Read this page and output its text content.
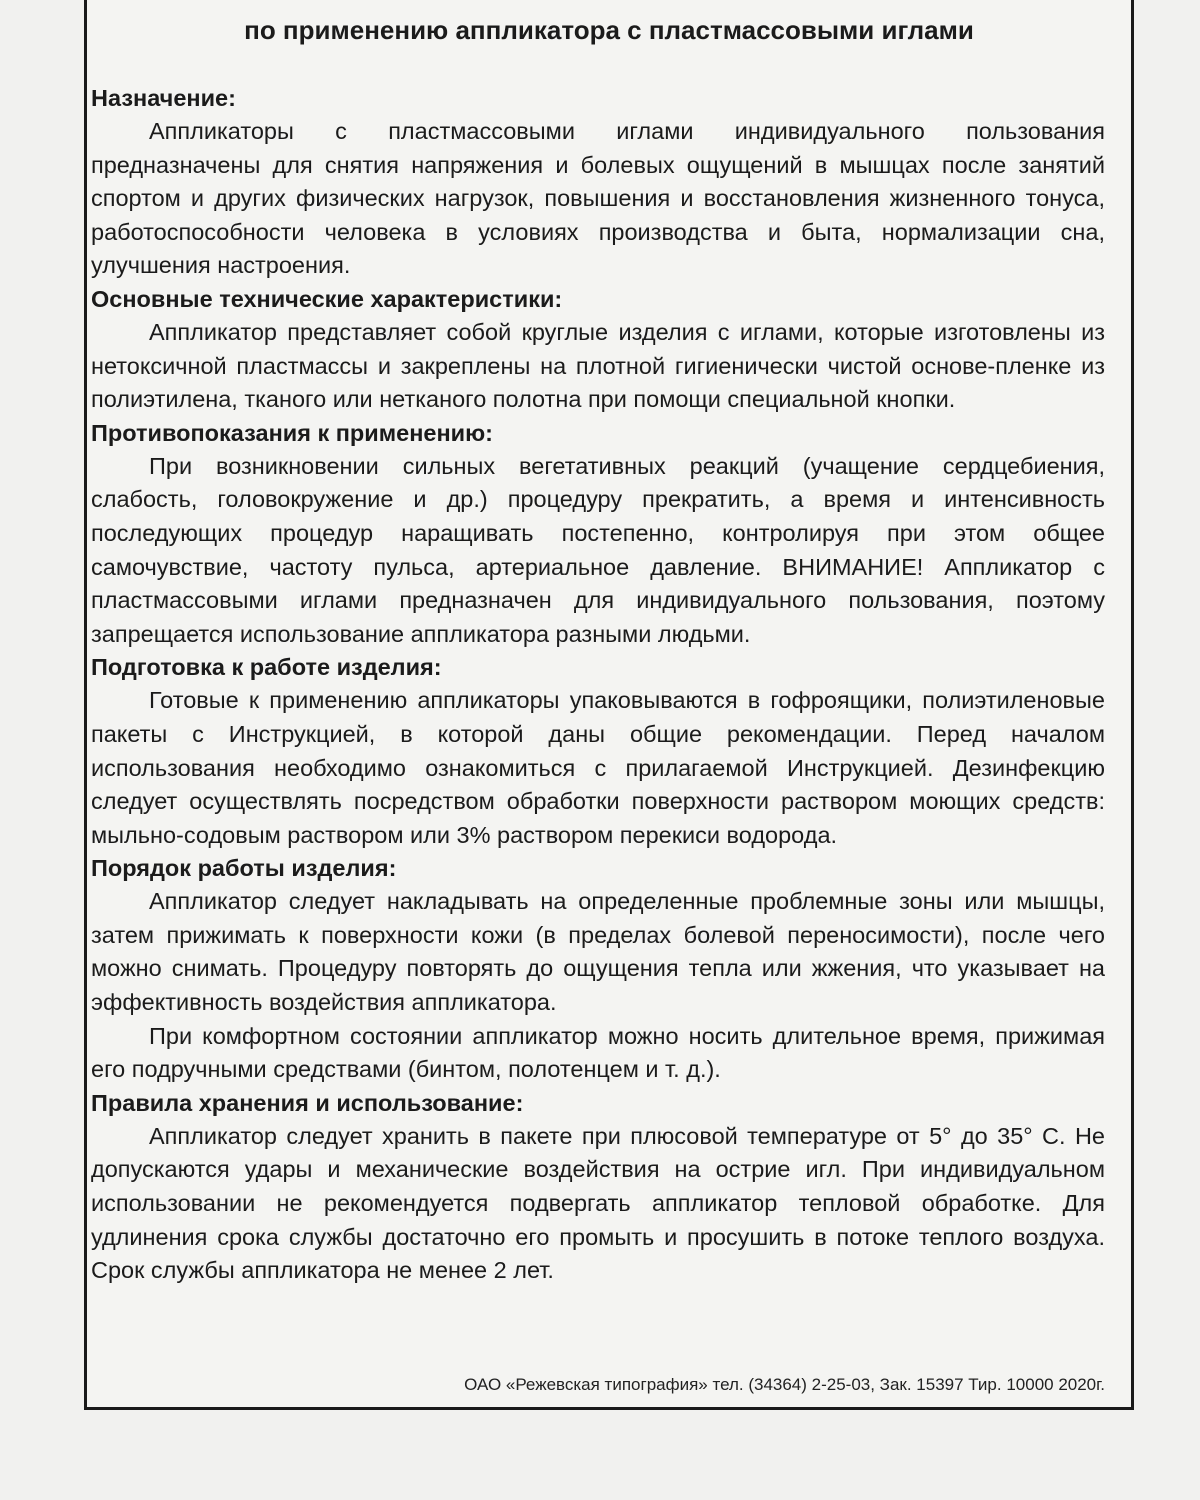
по применению аппликатора с пластмассовыми иглами

Назначение:

Аппликаторы с пластмассовыми иглами индивидуального пользования предназначены для снятия напряжения и болевых ощущений в мышцах после занятий спортом и других физических нагрузок, повышения и восстановления жизненного тонуса, работоспособности человека в условиях производства и быта, нормализации сна, улучшения настроения.

Основные технические характеристики:

Аппликатор представляет собой круглые изделия с иглами, которые изготовлены из нетоксичной пластмассы и закреплены на плотной гигиенически чистой основе-пленке из полиэтилена, тканого или нетканого полотна при помощи специальной кнопки.

Противопоказания к применению:

При возникновении сильных вегетативных реакций (учащение сердцебиения, слабость, головокружение и др.) процедуру прекратить, а время и интенсивность последующих процедур наращивать постепенно, контролируя при этом общее самочувствие, частоту пульса, артериальное давление. ВНИМАНИЕ! Аппликатор с пластмассовыми иглами предназначен для индивидуального пользования, поэтому запрещается использование аппликатора разными людьми.

Подготовка к работе изделия:

Готовые к применению аппликаторы упаковываются в гофроящики, полиэтиленовые пакеты с Инструкцией, в которой даны общие рекомендации. Перед началом использования необходимо ознакомиться с прилагаемой Инструкцией. Дезинфекцию следует осуществлять посредством обработки поверхности раствором моющих средств: мыльно-содовым раствором или 3% раствором перекиси водорода.

Порядок работы изделия:

Аппликатор следует накладывать на определенные проблемные зоны или мышцы, затем прижимать к поверхности кожи (в пределах болевой переносимости), после чего можно снимать. Процедуру повторять до ощущения тепла или жжения, что указывает на эффективность воздействия аппликатора.

При комфортном состоянии аппликатор можно носить длительное время, прижимая его подручными средствами (бинтом, полотенцем и т. д.).

Правила хранения и использование:

Аппликатор следует хранить в пакете при плюсовой температуре от 5° до 35° С. Не допускаются удары и механические воздействия на острие игл. При индивидуальном использовании не рекомендуется подвергать аппликатор тепловой обработке. Для удлинения срока службы достаточно его промыть и просушить в потоке теплого воздуха. Срок службы аппликатора не менее 2 лет.

ОАО «Режевская типография» тел. (34364) 2-25-03, Зак. 15397 Тир. 10000 2020г.
